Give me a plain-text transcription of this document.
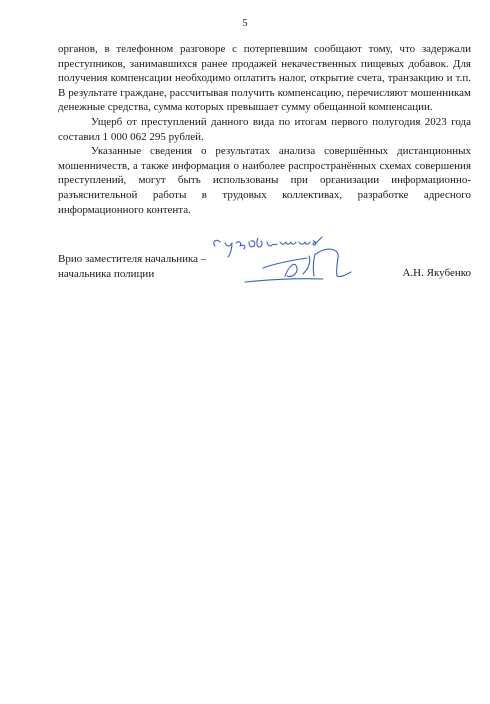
5

органов, в телефонном разговоре с потерпевшим сообщают тому, что задержали преступников, занимавшихся ранее продажей некачественных пищевых добавок. Для получения компенсации необходимо оплатить налог, открытие счета, транзакцию и т.п. В результате граждане, рассчитывая получить компенсацию, перечисляют мошенникам денежные средства, сумма которых превышает сумму обещанной компенсации.

Ущерб от преступлений данного вида по итогам первого полугодия 2023 года составил 1 000 062 295 рублей.

Указанные сведения о результатах анализа совершённых дистанционных мошенничеств, а также информация о наиболее распространённых схемах совершения преступлений, могут быть использованы при организации информационно-разъяснительной работы в трудовых коллективах, разработке адресного информационного контента.

Врио заместителя начальника –
начальника полиции	А.Н. Якубенко
